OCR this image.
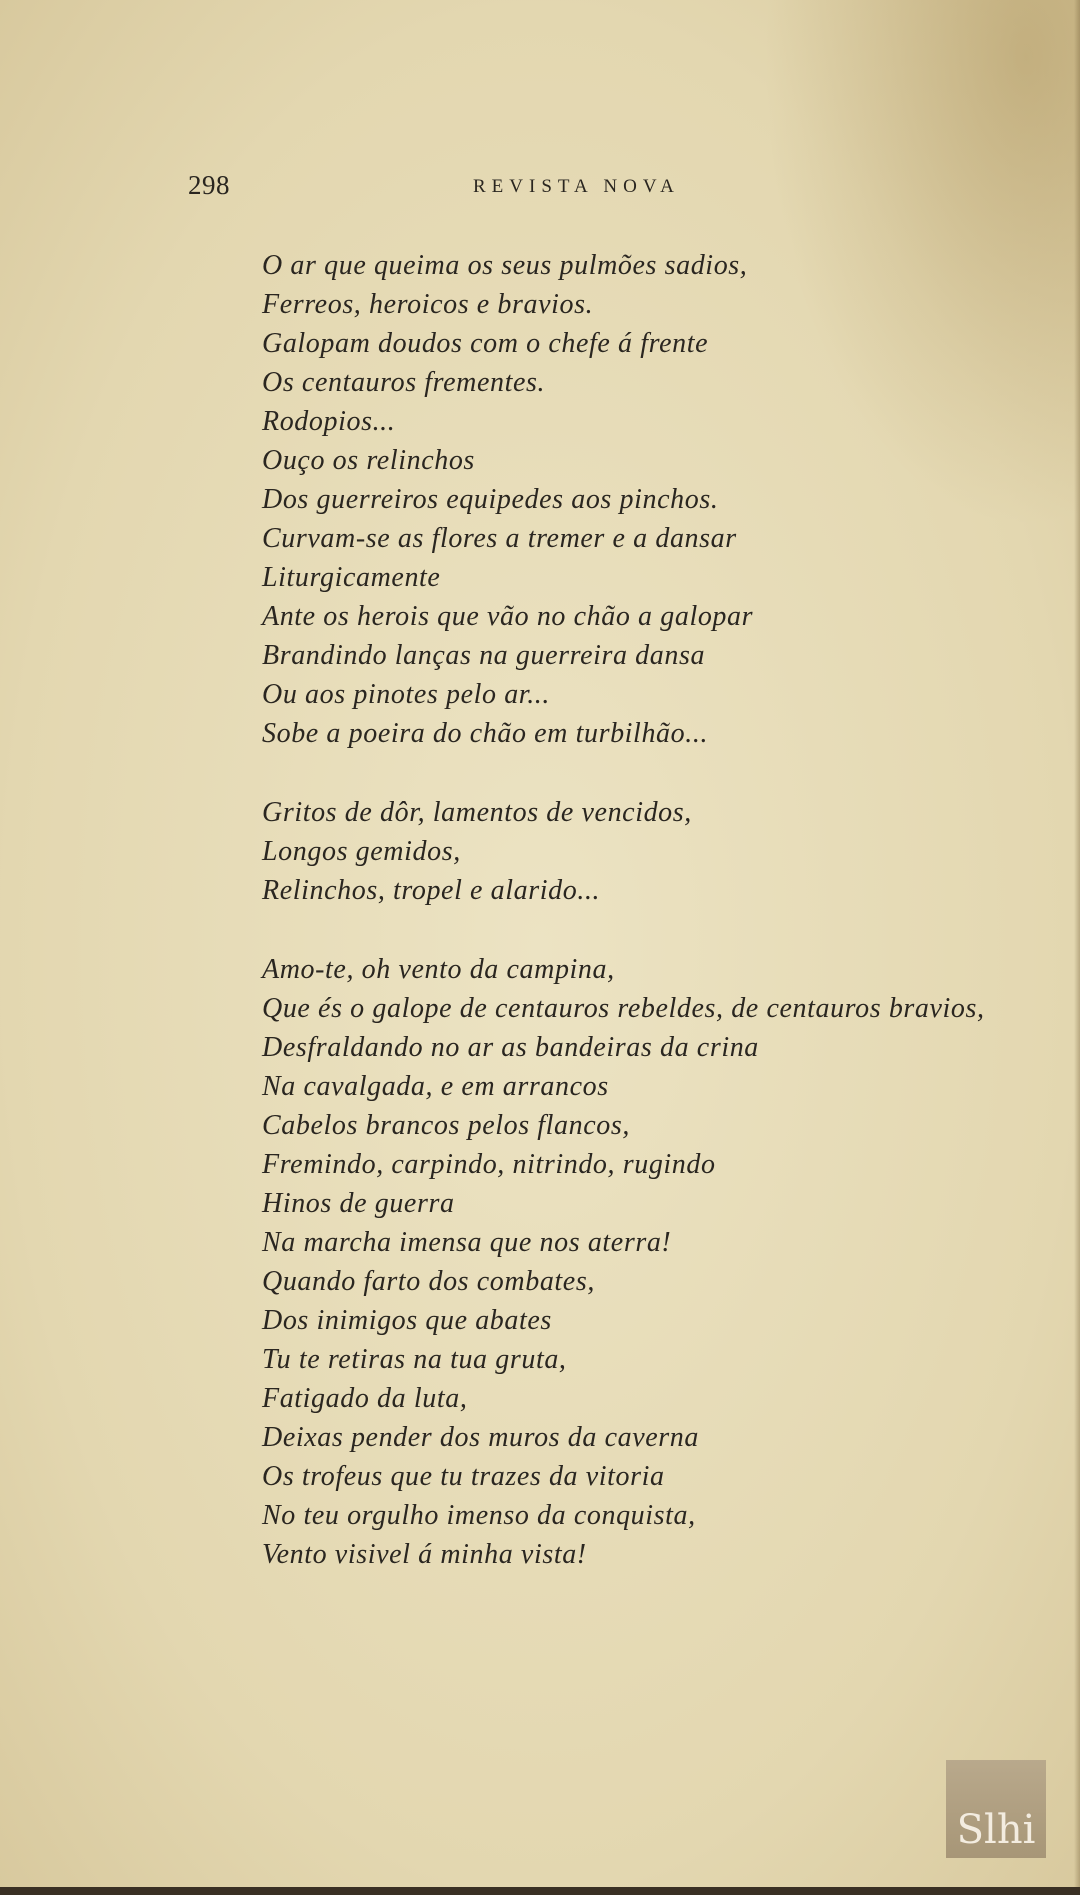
298	REVISTA NOVA
O ar que queima os seus pulmões sadios,
Ferreos, heroicos e bravios.
Galopam doudos com o chefe á frente
Os centauros frementes.
Rodopios...
Ouço os relinchos
Dos guerreiros equipedes aos pinchos.
Curvam-se as flores a tremer e a dansar
Liturgicamente
Ante os herois que vão no chão a galopar
Brandindo lanças na guerreira dansa
Ou aos pinotes pelo ar...
Sobe a poeira do chão em turbilhão...
Gritos de dôr, lamentos de vencidos,
Longos gemidos,
Relinchos, tropel e alarido...
Amo-te, oh vento da campina,
Que és o galope de centauros rebeldes, de centauros bravios,
Desfraldando no ar as bandeiras da crina
Na cavalgada, e em arrancos
Cabelos brancos pelos flancos,
Fremindo, carpindo, nitrindo, rugindo
Hinos de guerra
Na marcha imensa que nos aterra!
Quando farto dos combates,
Dos inimigos que abates
Tu te retiras na tua gruta,
Fatigado da luta,
Deixas pender dos muros da caverna
Os trofeus que tu trazes da vitoria
No teu orgulho imenso da conquista,
Vento visivel á minha vista!
Slhi
